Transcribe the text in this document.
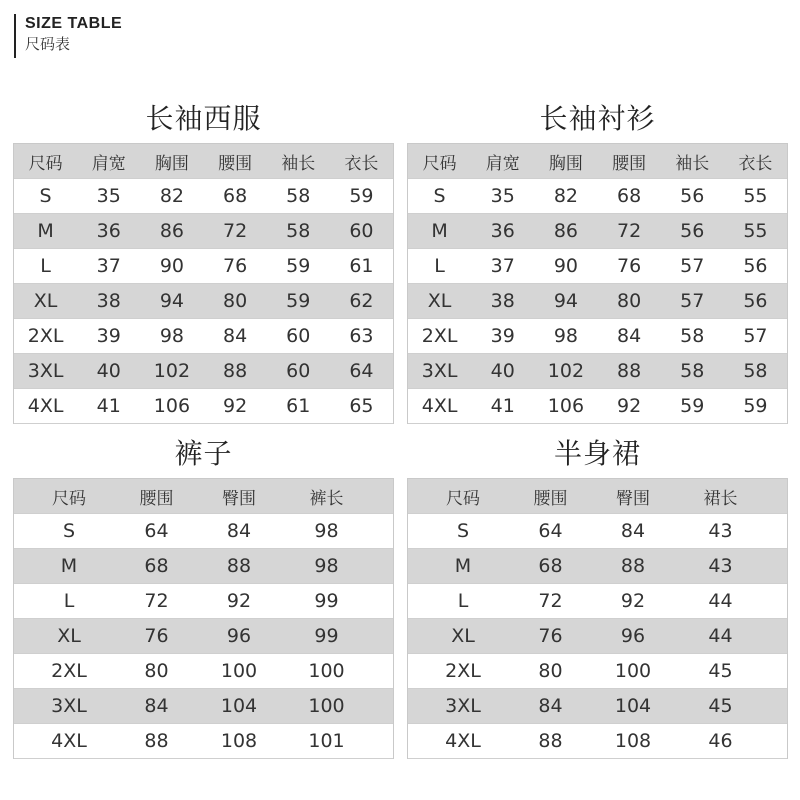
SIZE TABLE
尺码表
长袖西服
尺码	肩宽	胸围	腰围	袖长	衣长
S	35	82	68	58	59
M	36	86	72	58	60
L	37	90	76	59	61
XL	38	94	80	59	62
2XL	39	98	84	60	63
3XL	40	102	88	60	64
4XL	41	106	92	61	65
长袖衬衫
尺码	肩宽	胸围	腰围	袖长	衣长
S	35	82	68	56	55
M	36	86	72	56	55
L	37	90	76	57	56
XL	38	94	80	57	56
2XL	39	98	84	58	57
3XL	40	102	88	58	58
4XL	41	106	92	59	59
裤子
尺码	腰围	臀围	裤长
S	64	84	98
M	68	88	98
L	72	92	99
XL	76	96	99
2XL	80	100	100
3XL	84	104	100
4XL	88	108	101
半身裙
尺码	腰围	臀围	裙长
S	64	84	43
M	68	88	43
L	72	92	44
XL	76	96	44
2XL	80	100	45
3XL	84	104	45
4XL	88	108	46
